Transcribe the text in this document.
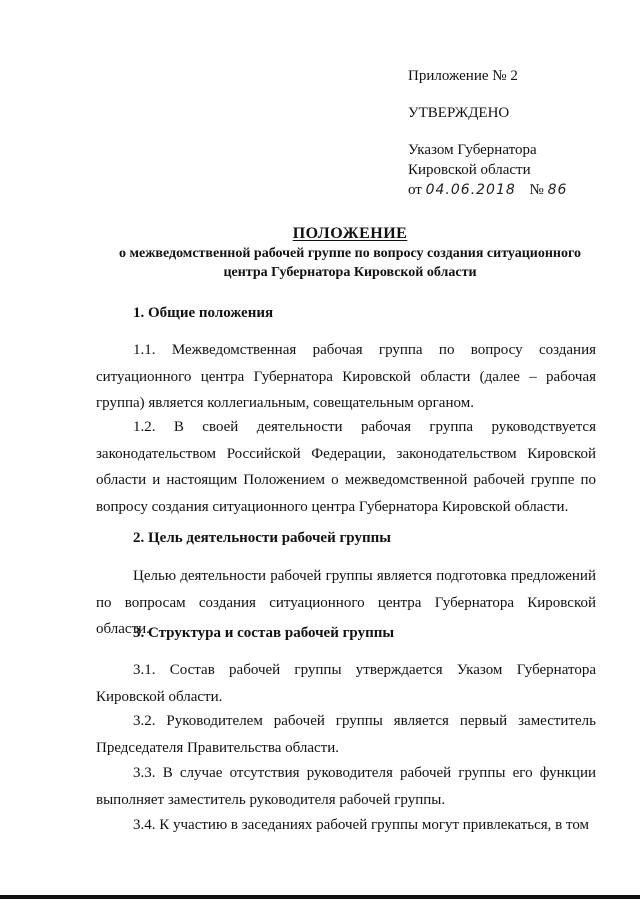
Приложение № 2
УТВЕРЖДЕНО
Указом Губернатора
Кировской области
от 04.06.2018 № 86
ПОЛОЖЕНИЕ
о межведомственной рабочей группе по вопросу создания ситуационного
центра Губернатора Кировской области
1. Общие положения
1.1. Межведомственная рабочая группа по вопросу создания ситуационного центра Губернатора Кировской области (далее – рабочая группа) является коллегиальным, совещательным органом.
1.2. В своей деятельности рабочая группа руководствуется законодательством Российской Федерации, законодательством Кировской области и настоящим Положением о межведомственной рабочей группе по вопросу создания ситуационного центра Губернатора Кировской области.
2. Цель деятельности рабочей группы
Целью деятельности рабочей группы является подготовка предложений по вопросам создания ситуационного центра Губернатора Кировской области.
3. Структура и состав рабочей группы
3.1. Состав рабочей группы утверждается Указом Губернатора Кировской области.
3.2. Руководителем рабочей группы является первый заместитель Председателя Правительства области.
3.3. В случае отсутствия руководителя рабочей группы его функции выполняет заместитель руководителя рабочей группы.
3.4. К участию в заседаниях рабочей группы могут привлекаться, в том
